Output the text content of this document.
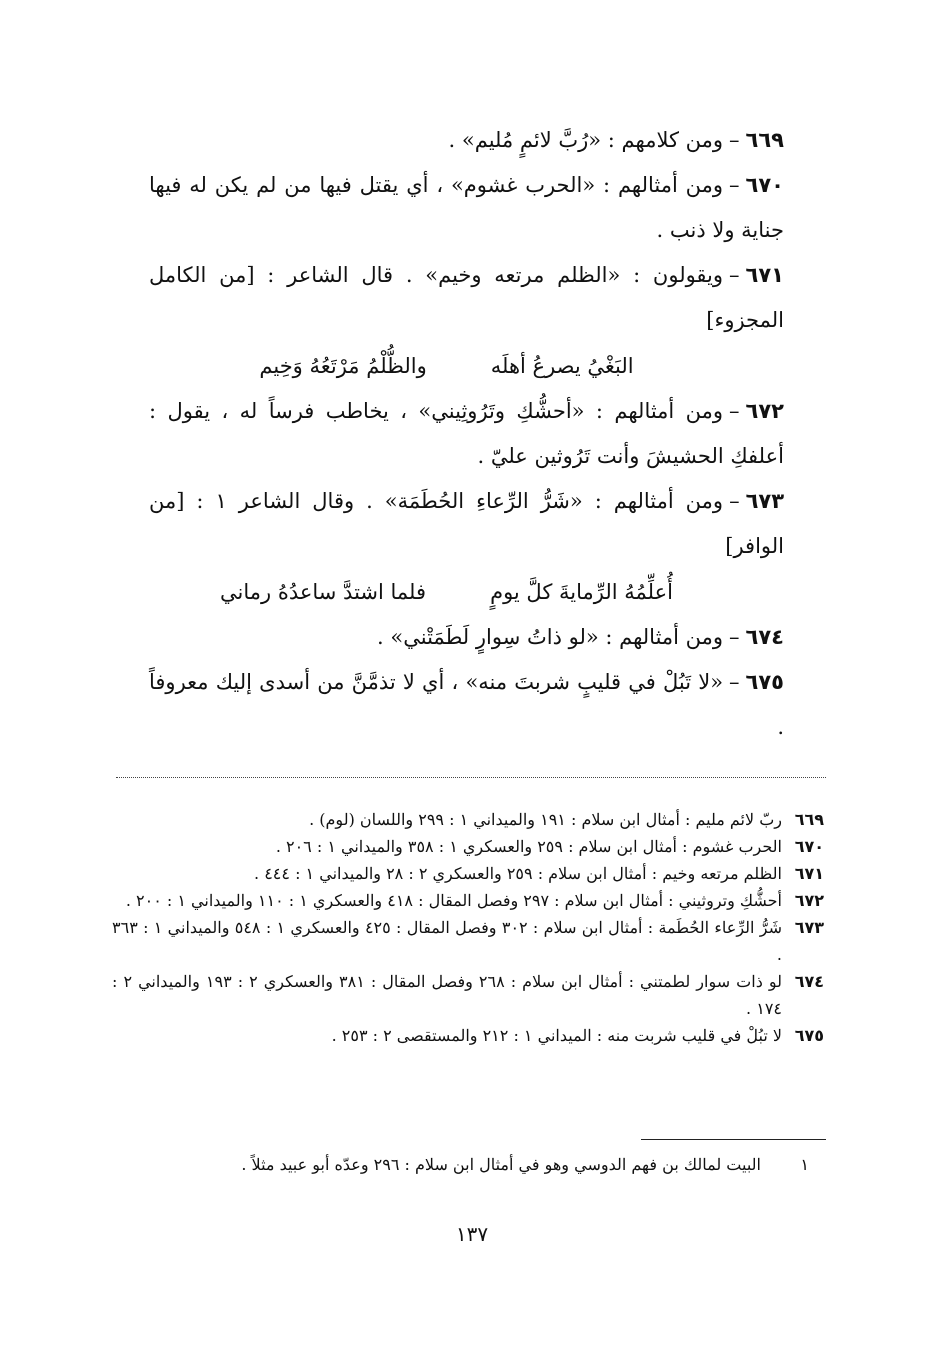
٦٦٩–ومن كلامهم : «رُبَّ لائمٍ مُليم» .
٦٧٠–ومن أمثالهم : «الحرب غشوم» ، أي يقتل فيها من لم يكن له فيها جناية ولا ذنب .
٦٧١–ويقولون : «الظلم مرتعه وخيم» . قال الشاعر : [من الكامل المجزوء]
البَغْيُ يصرعُ أهلَه
والظُّلْمُ مَرْتَعُهُ وَخِيم
٦٧٢–ومن أمثالهم : «أحشُّكِ وتَرُوثِيني» ، يخاطب فرساً له ، يقول : أعلفكِ الحشيشَ وأنت تَرُوثين عليّ .
٦٧٣–ومن أمثالهم : «شَرُّ الرِّعاءِ الحُطَمَة» . وقال الشاعر ١ : [من الوافر]
أُعلِّمُهُ الرِّمايةَ كلَّ يومٍ
فلما اشتدَّ ساعدُهُ رماني
٦٧٤–ومن أمثالهم : «لو ذاتُ سِوارٍ لَطَمَتْني» .
٦٧٥–«لا تَبُلْ في قليبٍ شربتَ منه» ، أي لا تذمَّنَّ من أسدى إليك معروفاً .
٦٦٩
ربّ لائم مليم : أمثال ابن سلام : ١٩١ والميداني ١ : ٢٩٩ واللسان (لوم) .
٦٧٠
الحرب غشوم : أمثال ابن سلام : ٢٥٩ والعسكري ١ : ٣٥٨ والميداني ١ : ٢٠٦ .
٦٧١
الظلم مرتعه وخيم : أمثال ابن سلام : ٢٥٩ والعسكري ٢ : ٢٨ والميداني ١ : ٤٤٤ .
٦٧٢
أحشُّكِ وتروثيني : أمثال ابن سلام : ٢٩٧ وفصل المقال : ٤١٨ والعسكري ١ : ١١٠ والميداني ١ : ٢٠٠ .
٦٧٣
شَرُّ الرِّعاء الحُطَمة : أمثال ابن سلام : ٣٠٢ وفصل المقال : ٤٢٥ والعسكري ١ : ٥٤٨ والميداني ١ : ٣٦٣ .
٦٧٤
لو ذات سوار لطمتني : أمثال ابن سلام : ٢٦٨ وفصل المقال : ٣٨١ والعسكري ٢ : ١٩٣ والميداني ٢ : ١٧٤ .
٦٧٥
لا تبُلْ في قليب شربت منه : الميداني ١ : ٢١٢ والمستقصى ٢ : ٢٥٣ .
١
البيت لمالك بن فهم الدوسي وهو في أمثال ابن سلام : ٢٩٦ وعدّه أبو عبيد مثلاً .
١٣٧
